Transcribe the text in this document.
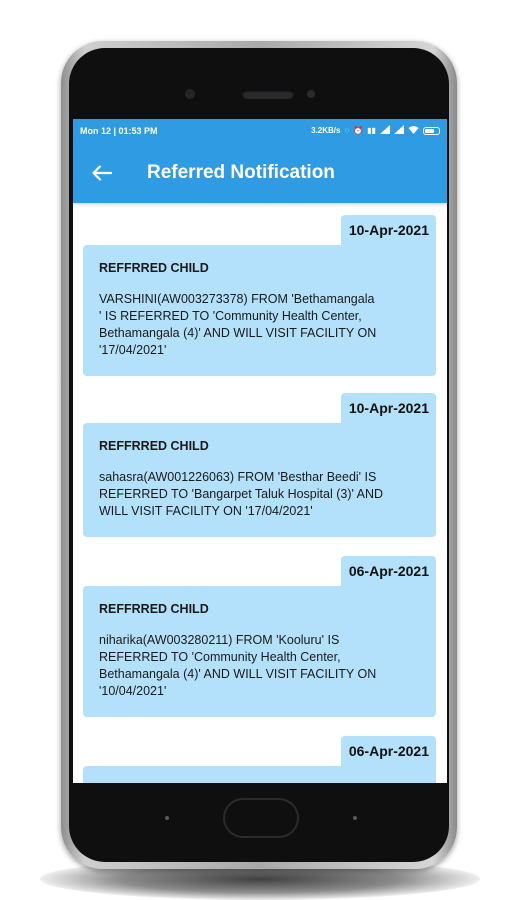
Mon 12 | 01:53 PM	3.2KB/s ◌ ⏰ ▮▮
Referred Notification
10-Apr-2021
REFFRRED CHILD
VARSHINI(AW003273378) FROM 'Bethamangala
' IS REFERRED TO 'Community Health Center,
Bethamangala (4)' AND WILL VISIT FACILITY ON
'17/04/2021'
10-Apr-2021
REFFRRED CHILD
sahasra(AW001226063) FROM 'Besthar Beedi' IS
REFERRED TO 'Bangarpet Taluk Hospital (3)' AND
WILL VISIT FACILITY ON '17/04/2021'
06-Apr-2021
REFFRRED CHILD
niharika(AW003280211) FROM 'Kooluru' IS
REFERRED TO 'Community Health Center,
Bethamangala (4)' AND WILL VISIT FACILITY ON
'10/04/2021'
06-Apr-2021
